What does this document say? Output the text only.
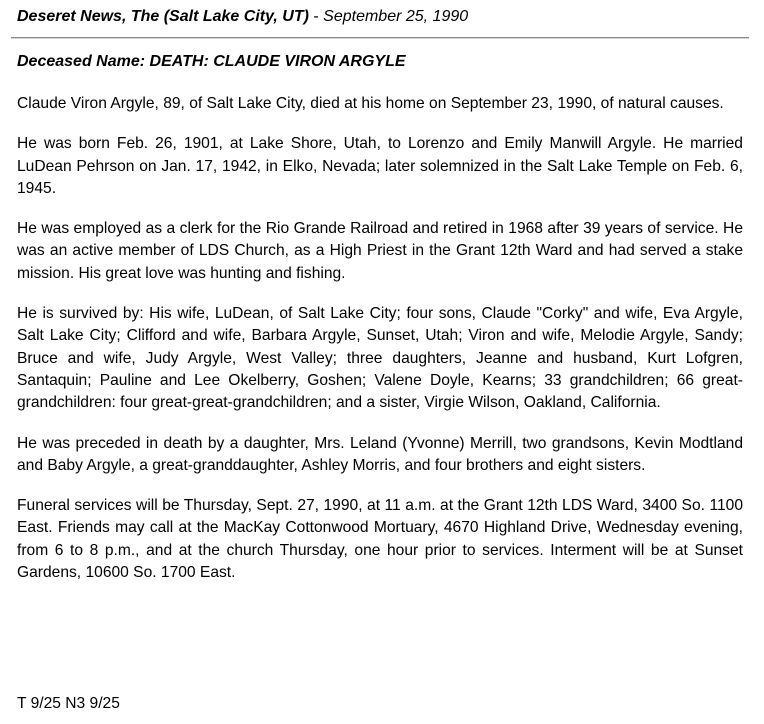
Deseret News, The (Salt Lake City, UT) - September 25, 1990
Deceased Name: DEATH: CLAUDE VIRON ARGYLE

Claude Viron Argyle, 89, of Salt Lake City, died at his home on September 23, 1990, of natural causes.

He was born Feb. 26, 1901, at Lake Shore, Utah, to Lorenzo and Emily Manwill Argyle. He married LuDean Pehrson on Jan. 17, 1942, in Elko, Nevada; later solemnized in the Salt Lake Temple on Feb. 6, 1945.

He was employed as a clerk for the Rio Grande Railroad and retired in 1968 after 39 years of service. He was an active member of LDS Church, as a High Priest in the Grant 12th Ward and had served a stake mission. His great love was hunting and fishing.

He is survived by: His wife, LuDean, of Salt Lake City; four sons, Claude "Corky" and wife, Eva Argyle, Salt Lake City; Clifford and wife, Barbara Argyle, Sunset, Utah; Viron and wife, Melodie Argyle, Sandy; Bruce and wife, Judy Argyle, West Valley; three daughters, Jeanne and husband, Kurt Lofgren, Santaquin; Pauline and Lee Okelberry, Goshen; Valene Doyle, Kearns; 33 grandchildren; 66 great-grandchildren: four great-great-grandchildren; and a sister, Virgie Wilson, Oakland, California.

He was preceded in death by a daughter, Mrs. Leland (Yvonne) Merrill, two grandsons, Kevin Modtland and Baby Argyle, a great-granddaughter, Ashley Morris, and four brothers and eight sisters.

Funeral services will be Thursday, Sept. 27, 1990, at 11 a.m. at the Grant 12th LDS Ward, 3400 So. 1100 East. Friends may call at the MacKay Cottonwood Mortuary, 4670 Highland Drive, Wednesday evening, from 6 to 8 p.m., and at the church Thursday, one hour prior to services. Interment will be at Sunset Gardens, 10600 So. 1700 East.

T 9/25 N3 9/25
